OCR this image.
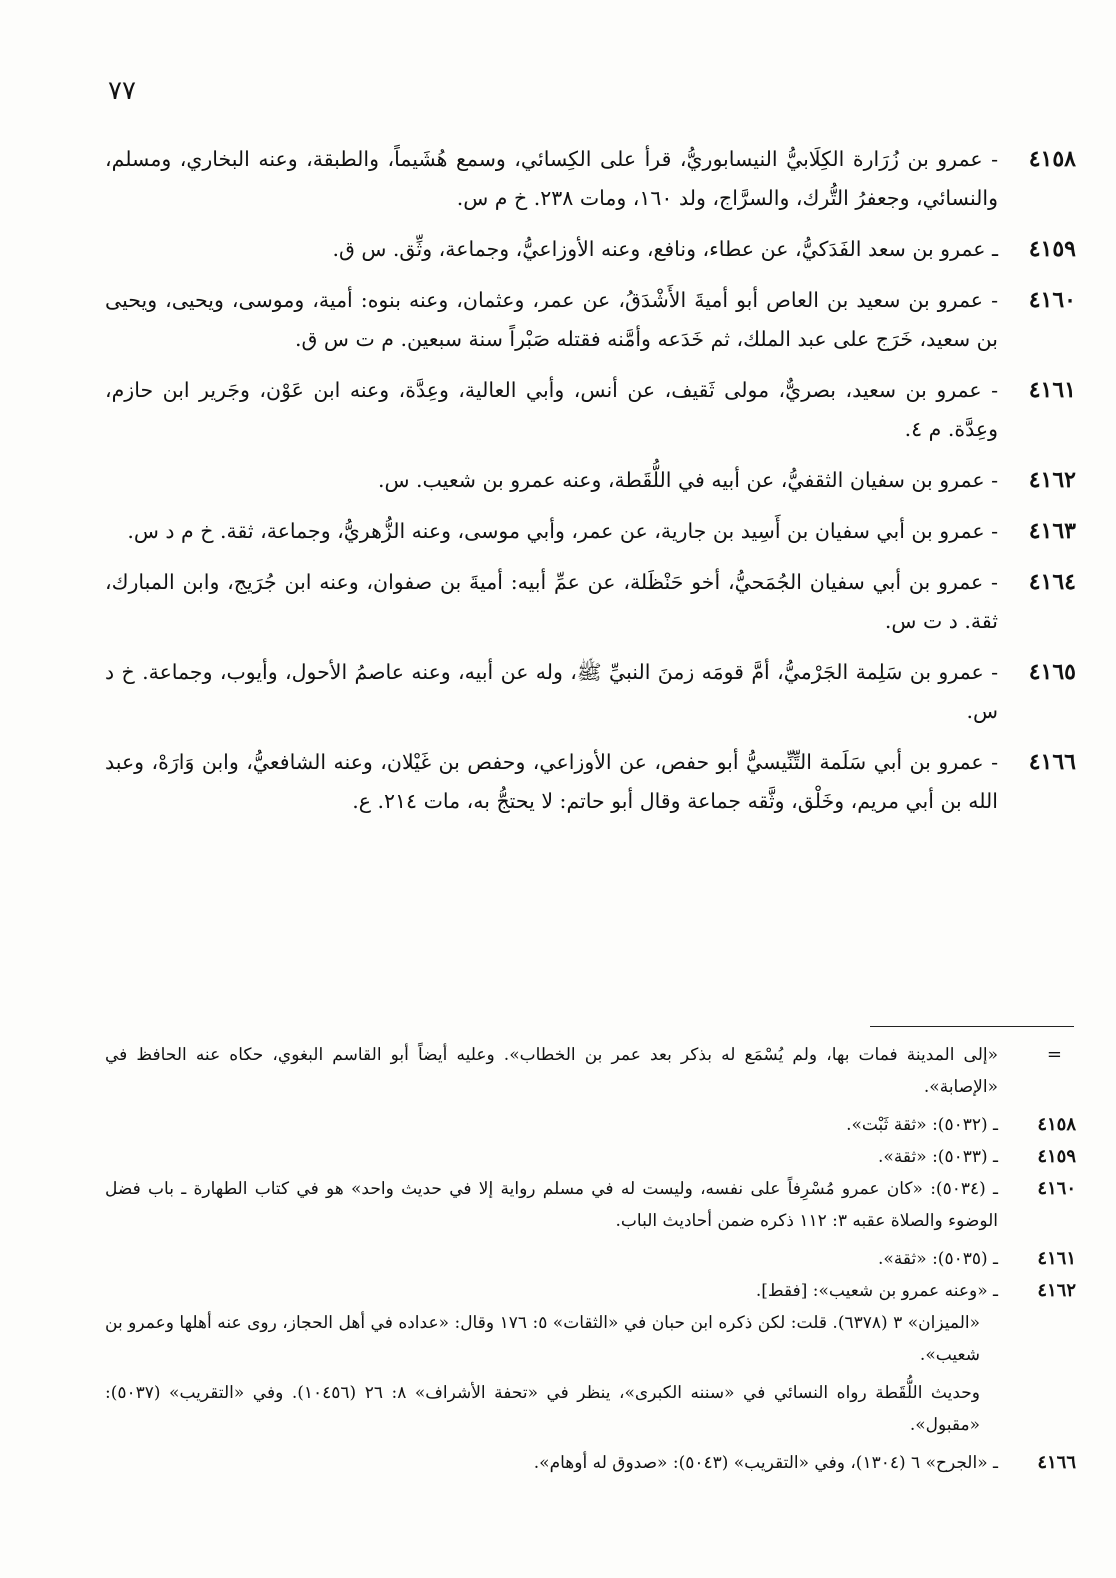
٧٧
٤١٥٨
- عمرو بن زُرَارة الكِلَابيُّ النيسابوريُّ، قرأ على الكِسائي، وسمع هُشَيماً، والطبقة، وعنه البخاري، ومسلم، والنسائي، وجعفرُ التُّرك، والسرَّاج، ولد ١٦٠، ومات ٢٣٨. خ م س.
٤١٥٩
ـ عمرو بن سعد الفَدَكيُّ، عن عطاء، ونافع، وعنه الأوزاعيُّ، وجماعة، وثِّق. س ق.
٤١٦٠
- عمرو بن سعيد بن العاص أبو أميةَ الأَشْدَقُ، عن عمر، وعثمان، وعنه بنوه: أمية، وموسى، ويحيى، ويحيى بن سعيد، خَرَج على عبد الملك، ثم خَدَعه وأمَّنه فقتله صَبْراً سنة سبعين. م ت س ق.
٤١٦١
- عمرو بن سعيد، بصريٌّ، مولى ثَقيف، عن أنس، وأبي العالية، وعِدَّة، وعنه ابن عَوْن، وجَرير ابن حازم، وعِدَّة. م ٤.
٤١٦٢
- عمرو بن سفيان الثقفيُّ، عن أبيه في اللُّقَطة، وعنه عمرو بن شعيب. س.
٤١٦٣
- عمرو بن أبي سفيان بن أَسِيد بن جارية، عن عمر، وأبي موسى، وعنه الزُّهريُّ، وجماعة، ثقة. خ م د س.
٤١٦٤
- عمرو بن أبي سفيان الجُمَحيُّ، أخو حَنْظَلة، عن عمِّ أبيه: أميةَ بن صفوان، وعنه ابن جُرَيج، وابن المبارك، ثقة. د ت س.
٤١٦٥
- عمرو بن سَلِمة الجَرْميُّ، أمَّ قومَه زمنَ النبيِّ ﷺ، وله عن أبيه، وعنه عاصمُ الأحول، وأيوب، وجماعة. خ د س.
٤١٦٦
- عمرو بن أبي سَلَمة التِّنِّيسيُّ أبو حفص، عن الأوزاعي، وحفص بن غَيْلان، وعنه الشافعيُّ، وابن وَارَهْ، وعبد الله بن أبي مريم، وخَلْق، وثَّقه جماعة وقال أبو حاتم: لا يحتجُّ به، مات ٢١٤. ع.
=
«إلى المدينة فمات بها، ولم يُسْمَع له بذكر بعد عمر بن الخطاب». وعليه أيضاً أبو القاسم البغوي، حكاه عنه الحافظ في «الإصابة».
٤١٥٨
ـ (٥٠٣٢): «ثقة ثَبْت».
٤١٥٩
ـ (٥٠٣٣): «ثقة».
٤١٦٠
ـ (٥٠٣٤): «كان عمرو مُسْرِفاً على نفسه، وليست له في مسلم رواية إلا في حديث واحد» هو في كتاب الطهارة ـ باب فضل الوضوء والصلاة عقبه ٣: ١١٢ ذكره ضمن أحاديث الباب.
٤١٦١
ـ (٥٠٣٥): «ثقة».
٤١٦٢
ـ «وعنه عمرو بن شعيب»: [فقط].
«الميزان» ٣ (٦٣٧٨). قلت: لكن ذكره ابن حبان في «الثقات» ٥: ١٧٦ وقال: «عداده في أهل الحجاز، روى عنه أهلها وعمرو بن شعيب».
وحديث اللُّقَطة رواه النسائي في «سننه الكبرى»، ينظر في «تحفة الأشراف» ٨: ٢٦ (١٠٤٥٦). وفي «التقريب» (٥٠٣٧): «مقبول».
٤١٦٦
ـ «الجرح» ٦ (١٣٠٤)، وفي «التقريب» (٥٠٤٣): «صدوق له أوهام».
